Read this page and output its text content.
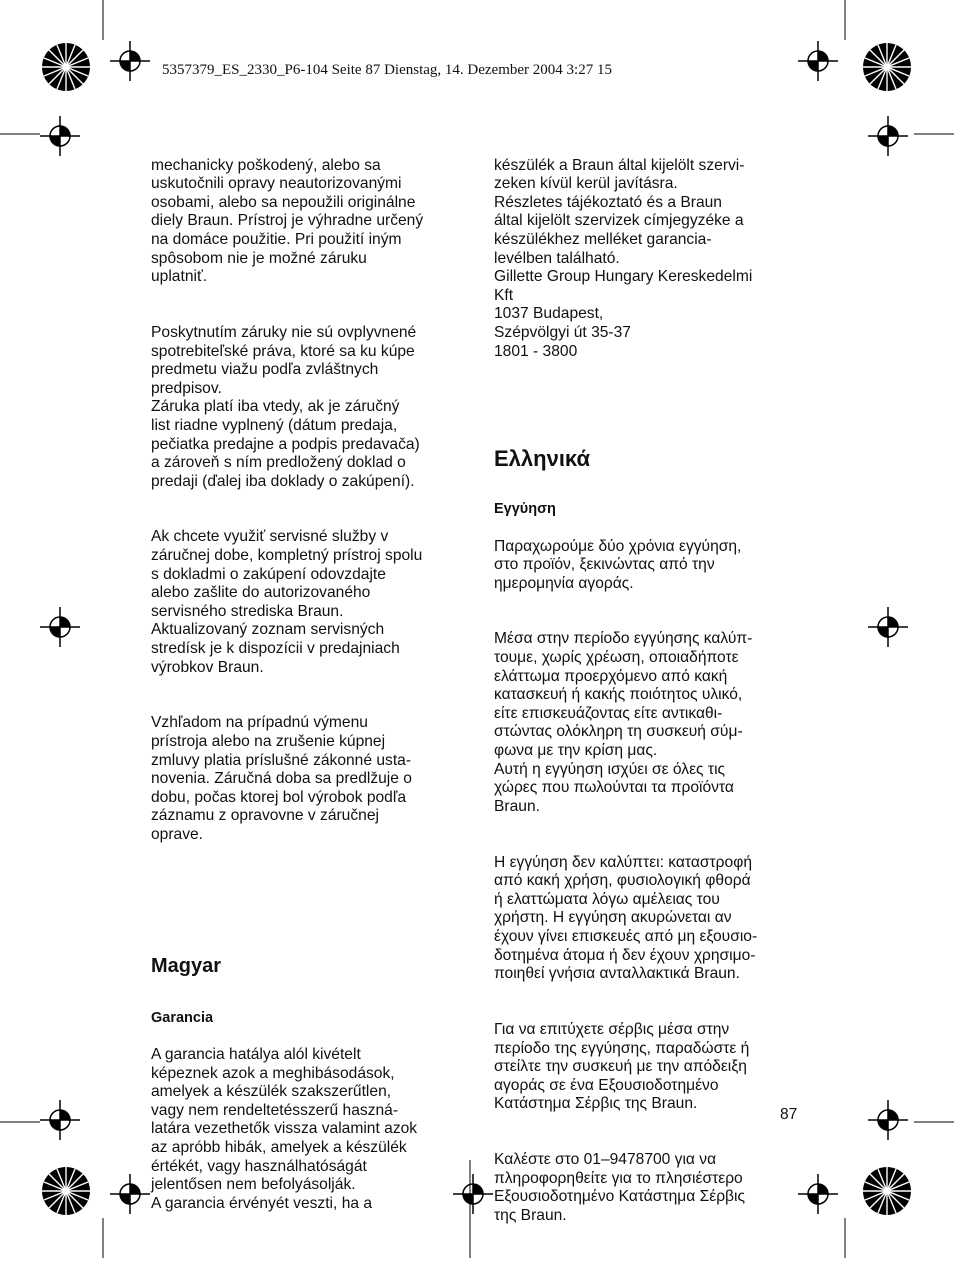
5357379_ES_2330_P6-104 Seite 87 Dienstag, 14. Dezember 2004 3:27 15

mechanicky poškodený, alebo sa
uskutočnili opravy neautorizovanými
osobami, alebo sa nepoužili originálne
diely Braun. Prístroj je výhradne určený
na domáce použitie. Pri použití iným
spôsobom nie je možné záruku
uplatniť.

Poskytnutím záruky nie sú ovplyvnené
spotrebiteľské práva, ktoré sa ku kúpe
predmetu viažu podľa zvláštnych
predpisov.
Záruka platí iba vtedy, ak je záručný
list riadne vyplnený (dátum predaja,
pečiatka predajne a podpis predavača)
a zároveň s ním predložený doklad o
predaji (ďalej iba doklady o zakúpení).

Ak chcete využiť servisné služby v
záručnej dobe, kompletný prístroj spolu
s dokladmi o zakúpení odovzdajte
alebo zašlite do autorizovaného
servisného strediska Braun.
Aktualizovaný zoznam servisných
stredísk je k dispozícii v predajniach
výrobkov Braun.

Vzhľadom na prípadnú výmenu
prístroja alebo na zrušenie kúpnej
zmluvy platia príslušné zákonné usta-
novenia. Záručná doba sa predlžuje o
dobu, počas ktorej bol výrobok podľa
záznamu z opravovne v záručnej
oprave.

Magyar

Garancia

A garancia hatálya alól kivételt
képeznek azok a meghibásodások,
amelyek a készülék szakszerűtlen,
vagy nem rendeltetésszerű haszná-
latára vezethetők vissza valamint azok
az apróbb hibák, amelyek a készülék
értékét, vagy használhatóságát
jelentősen nem befolyásolják.
A garancia érvényét veszti, ha a

készülék a Braun által kijelölt szervi-
zeken kívül kerül javításra.
Részletes tájékoztató és a Braun
által kijelölt szervizek címjegyzéke a
készülékhez melléket garancia-
levélben található.
Gillette Group Hungary Kereskedelmi
Kft
1037 Budapest,
Szépvölgyi út 35-37
1801 - 3800

Ελληνικά

Εγγύηση

Παραχωρούμε δύο χρόνια εγγύηση,
στο προϊόν, ξεκινώντας από την
ημερομηνία αγοράς.

Μέσα στην περίοδο εγγύησης καλύπ-
τουμε, χωρίς χρέωση, οποιαδήποτε
ελάττωμα προερχόμενο από κακή
κατασκευή ή κακής ποιότητος υλικό,
είτε επισκευάζοντας είτε αντικαθι-
στώντας ολόκληρη τη συσκευή σύμ-
φωνα με την κρίση μας.
Αυτή η εγγύηση ισχύει σε όλες τις
χώρες που πωλούνται τα προϊόντα
Braun.

Η εγγύηση δεν καλύπτει: καταστροφή
από κακή χρήση, φυσιολογική φθορά
ή ελαττώματα λόγω αμέλειας του
χρήστη. Η εγγύηση ακυρώνεται αν
έχουν γίνει επισκευές από μη εξουσιο-
δοτημένα άτομα ή δεν έχουν χρησιμο-
ποιηθεί γνήσια ανταλλακτικά Braun.

Για να επιτύχετε σέρβις μέσα στην
περίοδο της εγγύησης, παραδώστε ή
στείλτε την συσκευή με την απόδειξη
αγοράς σε ένα Εξουσιοδοτημένο
Κατάστημα Σέρβις της Braun.

Καλέστε στο 01–9478700 για να
πληροφορηθείτε για το πλησιέστερο
Εξουσιοδοτημένο Κατάστημα Σέρβις
της Braun.

87
